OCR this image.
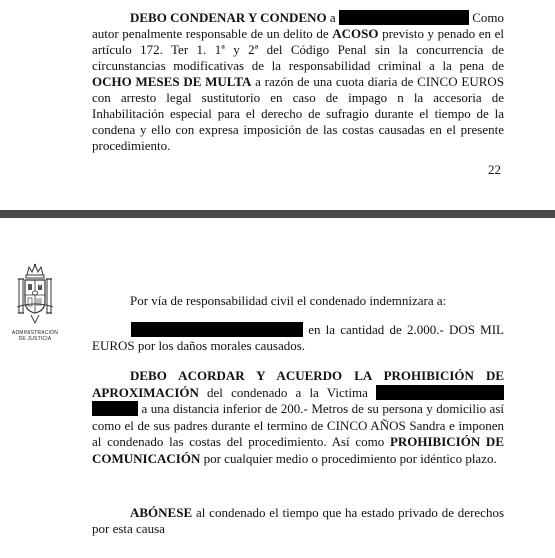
DEBO CONDENAR Y CONDENO a	Como autor penalmente responsable de un delito de ACOSO previsto y penado en el artículo 172. Ter 1. 1ª y 2ª del Código Penal sin la concurrencia de circunstancias modificativas de la responsabilidad criminal a la pena de OCHO MESES DE MULTA a razón de una cuota diaria de CINCO EUROS con arresto legal sustitutorio en caso de impago n la accesoria de Inhabilitación especial para el derecho de sufragio durante el tiempo de la condena y ello con expresa imposición de las costas causadas en el presente procedimiento.
22
ADMINISTRACIÓN
DE JUSTICIA
Por vía de responsabilidad civil el condenado indemnizara a:
en la cantidad de 2.000.- DOS MIL EUROS por los daños morales causados.
DEBO ACORDAR Y ACUERDO LA PROHIBICIÓN DE APROXIMACIÓN del condenado a la Victima  a una distancia inferior de 200.- Metros de su persona y domicilio así como el de sus padres durante el termino de CINCO AÑOS Sandra e imponen al condenado las costas del procedimiento. Así como PROHIBICIÓN DE COMUNICACIÓN por cualquier medio o procedimiento por idéntico plazo.
ABÓNESE al condenado el tiempo que ha estado privado de derechos por esta causa
